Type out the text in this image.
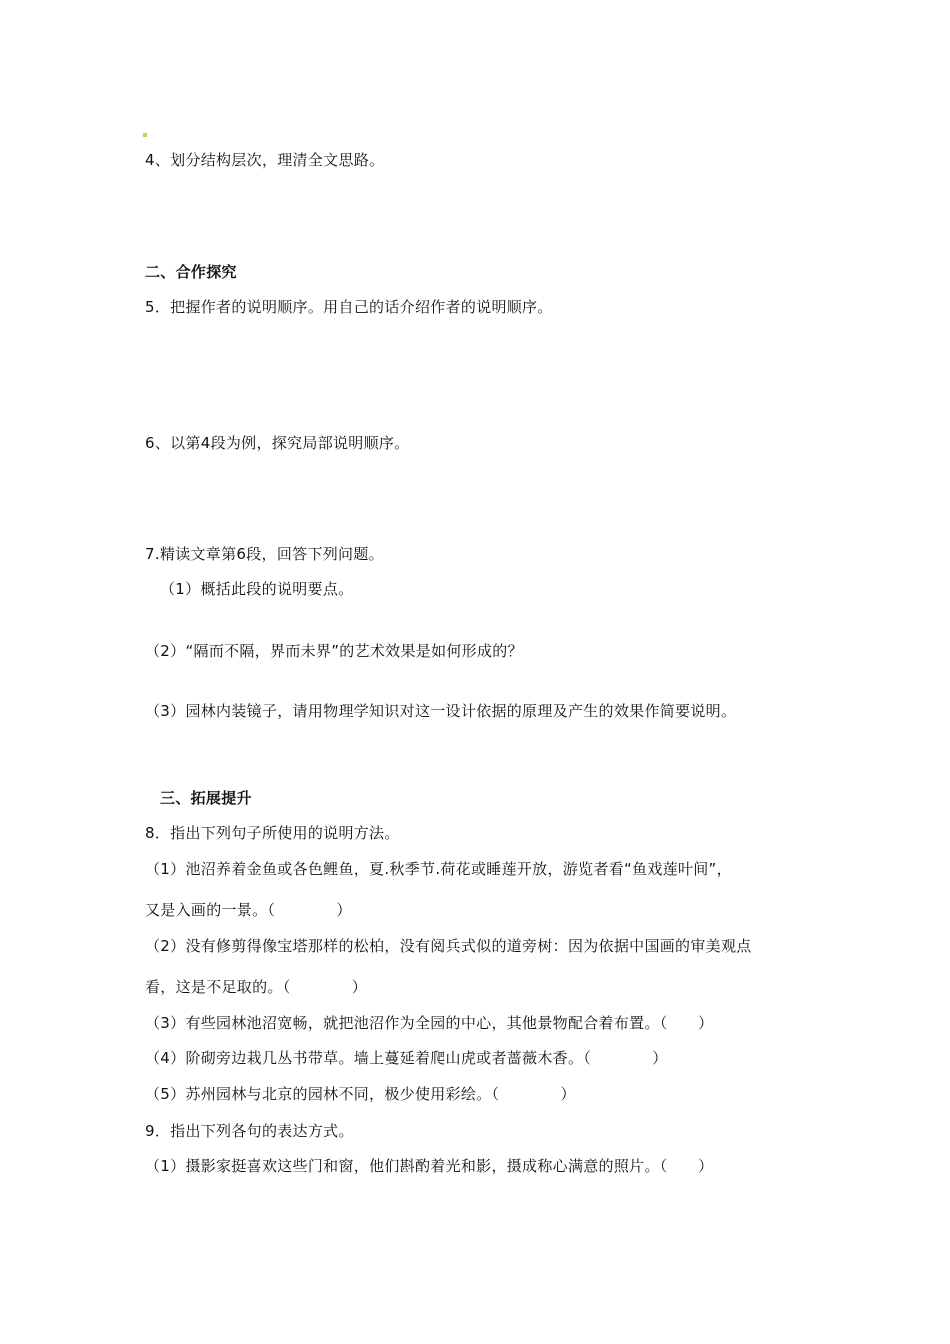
4、划分结构层次，理清全文思路。
二、合作探究
5．把握作者的说明顺序。用自己的话介绍作者的说明顺序。
6、以第4段为例，探究局部说明顺序。
7.精读文章第6段，回答下列问题。
（1）概括此段的说明要点。
（2）“隔而不隔，界而未界”的艺术效果是如何形成的？
（3）园林内装镜子，请用物理学知识对这一设计依据的原理及产生的效果作简要说明。
三、拓展提升
8．指出下列句子所使用的说明方法。
（1）池沼养着金鱼或各色鲤鱼，夏.秋季节.荷花或睡莲开放，游览者看“鱼戏莲叶间”，
又是入画的一景。（　　　　）
（2）没有修剪得像宝塔那样的松柏，没有阅兵式似的道旁树：因为依据中国画的审美观点
看，这是不足取的。（　　　　）
（3）有些园林池沼宽畅，就把池沼作为全园的中心，其他景物配合着布置。（　　）
（4）阶砌旁边栽几丛书带草。墙上蔓延着爬山虎或者蔷薇木香。（　　　　）
（5）苏州园林与北京的园林不同，极少使用彩绘。（　　　　）
9．指出下列各句的表达方式。
（1）摄影家挺喜欢这些门和窗，他们斟酌着光和影，摄成称心满意的照片。（　　）
